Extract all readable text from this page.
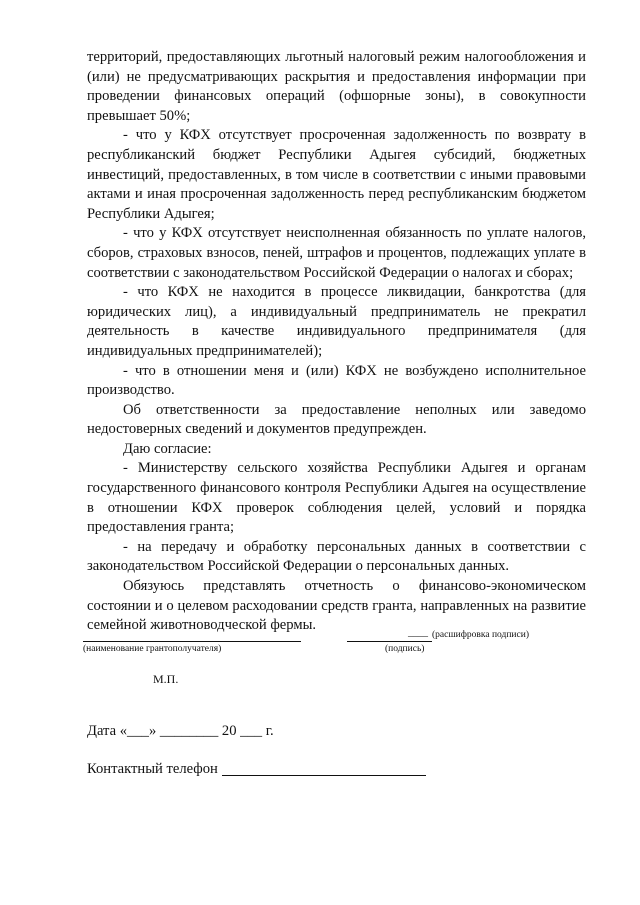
территорий, предоставляющих льготный налоговый режим налогообложения и (или) не предусматривающих раскрытия и предоставления информации при проведении финансовых операций (офшорные зоны), в совокупности превышает 50%;

- что у КФХ отсутствует просроченная задолженность по возврату в республиканский бюджет Республики Адыгея субсидий, бюджетных инвестиций, предоставленных, в том числе в соответствии с иными правовыми актами и иная просроченная задолженность перед республиканским бюджетом Республики Адыгея;

- что у КФХ отсутствует неисполненная обязанность по уплате налогов, сборов, страховых взносов, пеней, штрафов и процентов, подлежащих уплате в соответствии с законодательством Российской Федерации о налогах и сборах;

- что КФХ не находится в процессе ликвидации, банкротства (для юридических лиц), а индивидуальный предприниматель не прекратил деятельность в качестве индивидуального предпринимателя (для индивидуальных предпринимателей);

- что в отношении меня и (или) КФХ не возбуждено исполнительное производство.

Об ответственности за предоставление неполных или заведомо недостоверных сведений и документов предупрежден.

Даю согласие:

- Министерству сельского хозяйства Республики Адыгея и органам государственного финансового контроля Республики Адыгея на осуществление в отношении КФХ проверок соблюдения целей, условий и порядка предоставления гранта;

- на передачу и обработку персональных данных в соответствии с законодательством Российской Федерации о персональных данных.

Обязуюсь представлять отчетность о финансово-экономическом состоянии и о целевом расходовании средств гранта, направленных на развитие семейной животноводческой фермы.

(наименование грантополучателя)	(подпись)
____ (расшифровка подписи)
М.П.
Дата «___» ________ 20 ___ г.
Контактный телефон
